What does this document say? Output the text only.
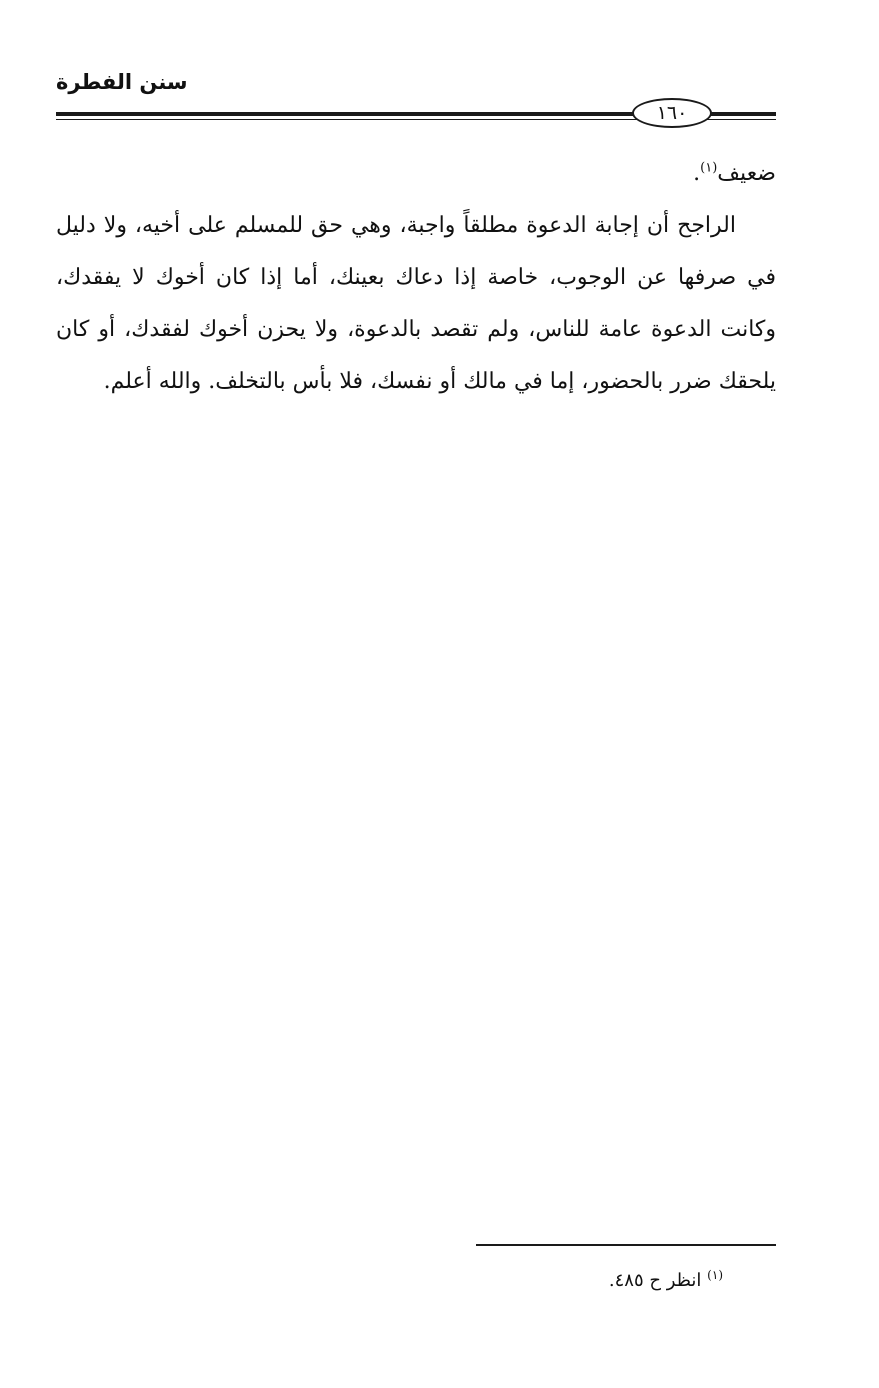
سنن الفطرة
١٦٠

ضعيف$^{(١)}$.

الراجح أن إجابة الدعوة مطلقاً واجبة، وهي حق للمسلم على أخيه، ولا دليل في صرفها عن الوجوب، خاصة إذا دعاك بعينك، أما إذا كان أخوك لا يفقدك، وكانت الدعوة عامة للناس، ولم تقصد بالدعوة، ولا يحزن أخوك لفقدك، أو كان يلحقك ضرر بالحضور، إما في مالك أو نفسك، فلا بأس بالتخلف. والله أعلم.

$^{(١)}$ انظر ح ٤٨٥.
